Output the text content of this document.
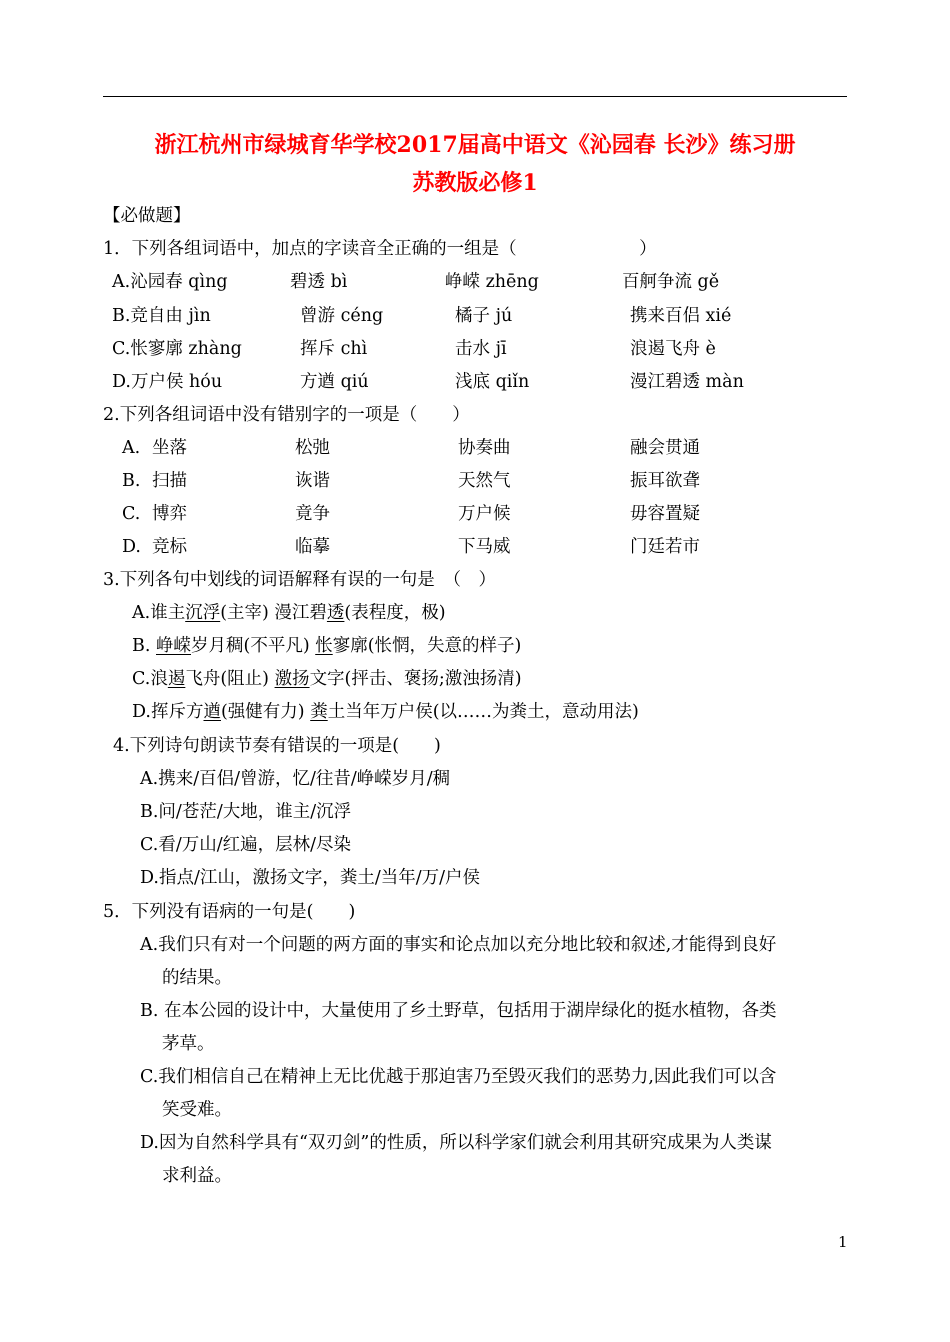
浙江杭州市绿城育华学校2017届高中语文《沁园春 长沙》练习册
苏教版必修1
【必做题】
1．下列各组词语中，加点的字读音全正确的一组是（　　　　　　　）
A.沁园春 qìng	碧透 bì	峥嵘 zhēng	百舸争流 gě
B.竞自由 jìn	曾游 céng	橘子 jú	携来百侣 xié
C.怅寥廓 zhàng	挥斥 chì	击水 jī	浪遏飞舟 è
D.万户侯 hóu	方遒 qiú	浅底 qiǐn	漫江碧透 màn
2.下列各组词语中没有错别字的一项是（　　）
A. 坐落	松弛	协奏曲	融会贯通
B. 扫描	诙谐	天然气	振耳欲聋
C. 博弈	竟争	万户候	毋容置疑
D. 竞标	临摹	下马威	门廷若市
3.下列各句中划线的词语解释有误的一句是　（　）
A.谁主沉浮(主宰) 漫江碧透(表程度，极)
B. 峥嵘岁月稠(不平凡) 怅寥廓(怅惘，失意的样子)
C.浪遏飞舟(阻止) 激扬文字(抨击、褒扬;激浊扬清)
D.挥斥方遒(强健有力) 粪土当年万户侯(以……为粪土，意动用法)
4.下列诗句朗读节奏有错误的一项是(　　)
A.携来/百侣/曾游，忆/往昔/峥嵘岁月/稠
B.问/苍茫/大地，谁主/沉浮
C.看/万山/红遍，层林/尽染
D.指点/江山，激扬文字，粪土/当年/万/户侯
5．下列没有语病的一句是(　　)
A.我们只有对一个问题的两方面的事实和论点加以充分地比较和叙述,才能得到良好
的结果。
B. 在本公园的设计中，大量使用了乡土野草，包括用于湖岸绿化的挺水植物，各类
茅草。
C.我们相信自己在精神上无比优越于那迫害乃至毁灭我们的恶势力,因此我们可以含
笑受难。
D.因为自然科学具有“双刃剑”的性质，所以科学家们就会利用其研究成果为人类谋
求利益。
1
